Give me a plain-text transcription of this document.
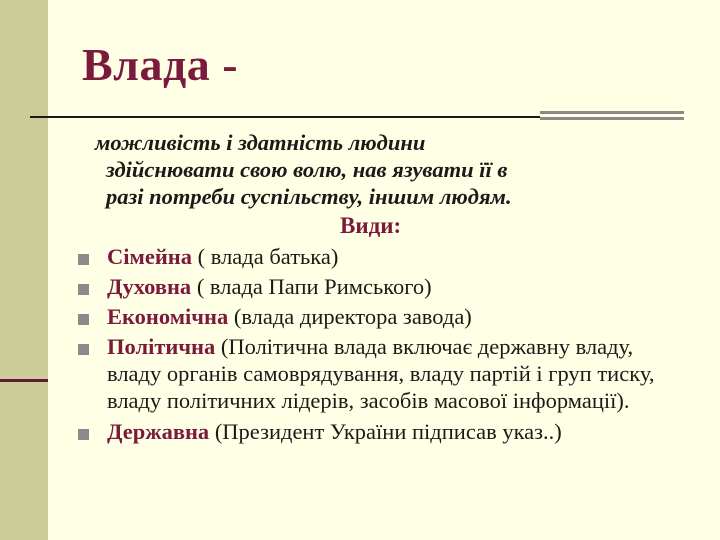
Влада -
можливість і здатність людини
здійснювати свою волю, нав язувати її в
разі потреби суспільству, іншим людям.
Види:
Сімейна ( влада батька)
Духовна ( влада Папи Римського)
Економічна (влада директора завода)
Політична (Політична влада включає державну владу, владу органів самоврядування, владу партій і груп тиску, владу політичних лідерів, засобів масової інформації).
Державна (Президент України підписав указ..)
